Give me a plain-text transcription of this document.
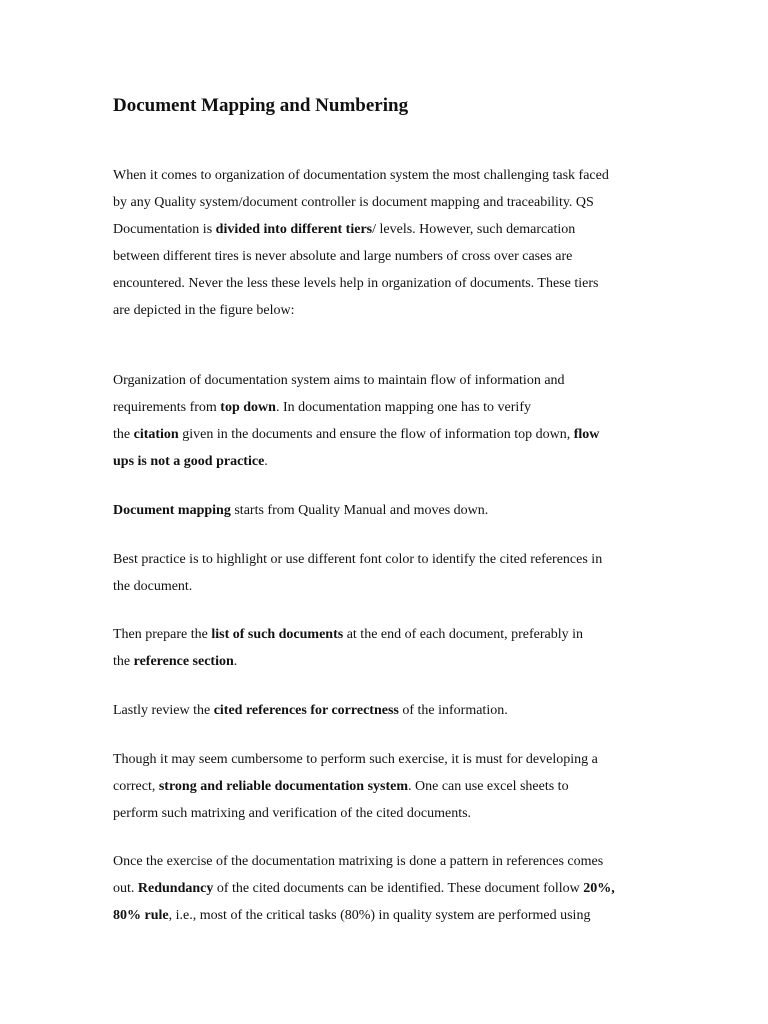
Document Mapping and Numbering

When it comes to organization of documentation system the most challenging task faced
by any Quality system/document controller is document mapping and traceability. QS
Documentation is divided into different tiers/ levels. However, such demarcation
between different tires is never absolute and large numbers of cross over cases are
encountered. Never the less these levels help in organization of documents. These tiers
are depicted in the figure below:

Organization of documentation system aims to maintain flow of information and
requirements from top down. In documentation mapping one has to verify
the citation given in the documents and ensure the flow of information top down, flow
ups is not a good practice.

Document mapping starts from Quality Manual and moves down.

Best practice is to highlight or use different font color to identify the cited references in
the document.

Then prepare the list of such documents at the end of each document, preferably in
the reference section.

Lastly review the cited references for correctness of the information.

Though it may seem cumbersome to perform such exercise, it is must for developing a
correct, strong and reliable documentation system. One can use excel sheets to
perform such matrixing and verification of the cited documents.

Once the exercise of the documentation matrixing is done a pattern in references comes
out. Redundancy of the cited documents can be identified. These document follow 20%,
80% rule, i.e., most of the critical tasks (80%) in quality system are performed using
